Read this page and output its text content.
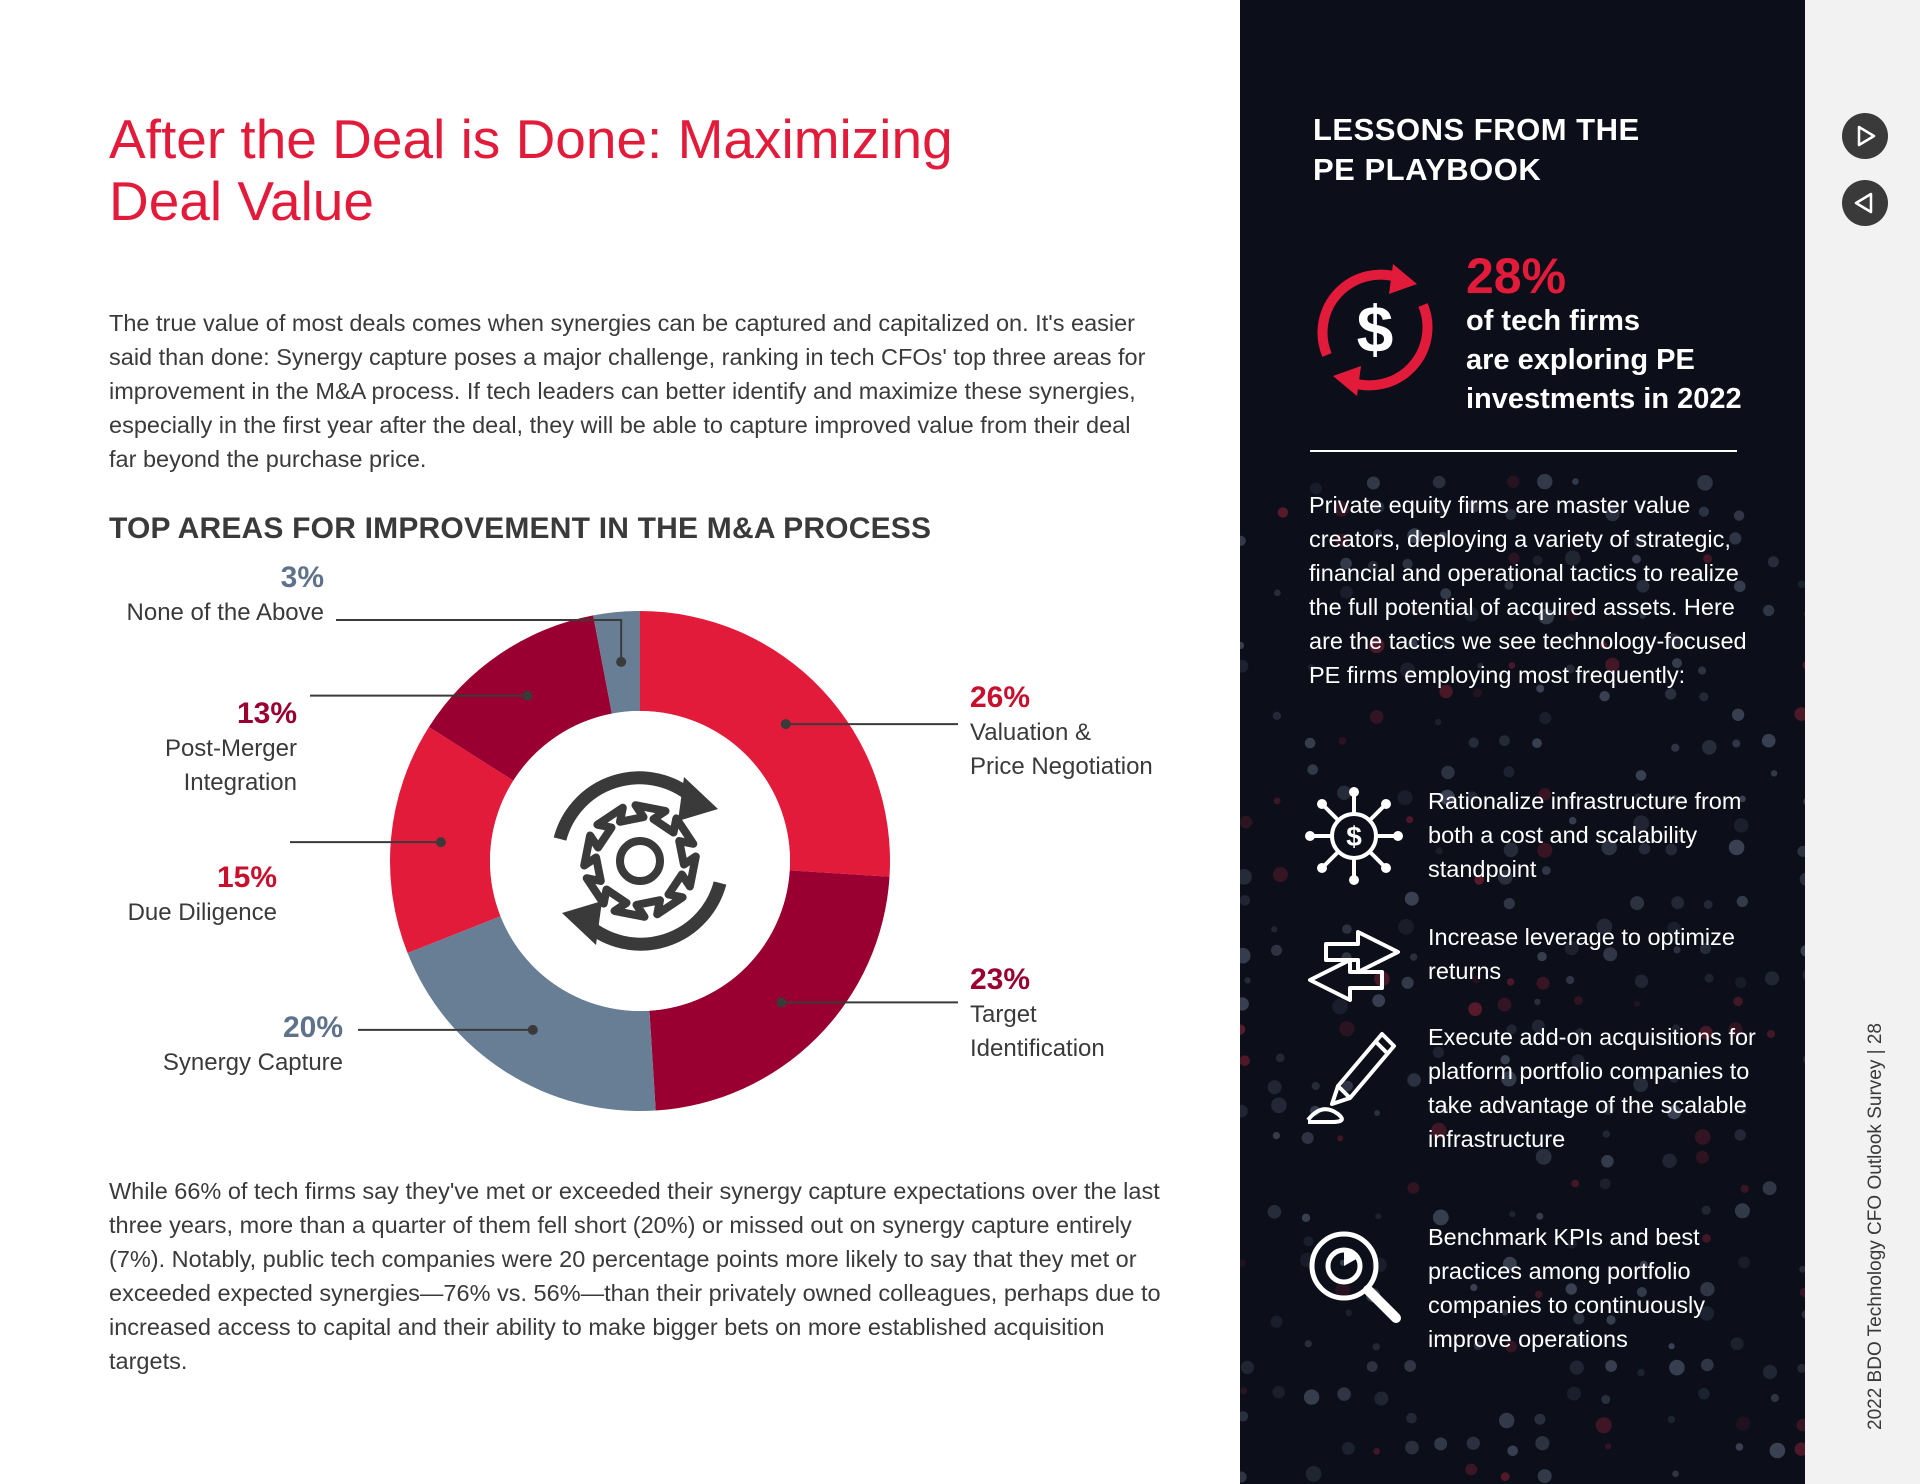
After the Deal is Done: Maximizing Deal Value

The true value of most deals comes when synergies can be captured and capitalized on. It's easier said than done: Synergy capture poses a major challenge, ranking in tech CFOs' top three areas for improvement in the M&A process. If tech leaders can better identify and maximize these synergies, especially in the first year after the deal, they will be able to capture improved value from their deal far beyond the purchase price.

TOP AREAS FOR IMPROVEMENT IN THE M&A PROCESS
26%
Valuation &
Price Negotiation
23%
Target
Identification
20%
Synergy Capture
15%
Due Diligence
13%
Post-Merger
Integration
3%
None of the Above

While 66% of tech firms say they've met or exceeded their synergy capture expectations over the last three years, more than a quarter of them fell short (20%) or missed out on synergy capture entirely (7%). Notably, public tech companies were 20 percentage points more likely to say that they met or exceeded expected synergies—76% vs. 56%—than their privately owned colleagues, perhaps due to increased access to capital and their ability to make bigger bets on more established acquisition targets.

LESSONS FROM THE
PE PLAYBOOK
$
28%
of tech firms
are exploring PE
investments in 2022

Private equity firms are master value creators, deploying a variety of strategic, financial and operational tactics to realize the full potential of acquired assets. Here are the tactics we see technology-focused PE firms employing most frequently:

$
Rationalize infrastructure from both a cost and scalability standpoint
Increase leverage to optimize returns
Execute add-on acquisitions for platform portfolio companies to take advantage of the scalable infrastructure
Benchmark KPIs and best practices among portfolio companies to continuously improve operations	2022 BDO Technology CFO Outlook Survey | 28
